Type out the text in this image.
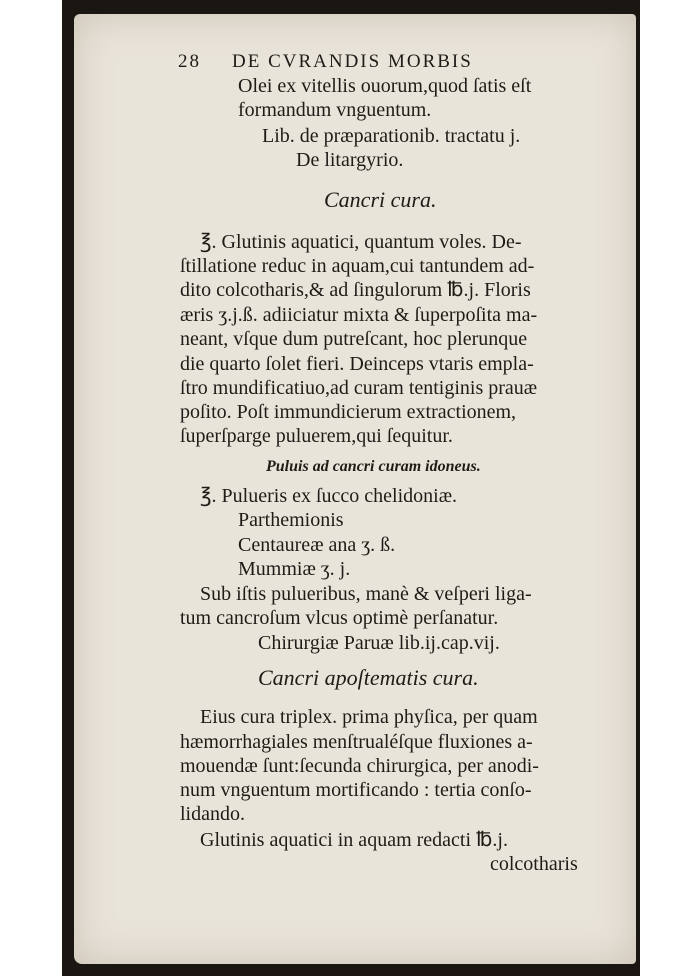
28 DE CVRANDIS MORBIS
Olei ex vitellis ouorum,quod ſatis eſt
formandum vnguentum.
Lib. de præparationib. tractatu j.
De litargyrio.
Cancri cura.
℥. Glutinis aquatici, quantum voles. De-
ſtillatione reduc in aquam,cui tantundem ad-
dito colcotharis,& ad ſingulorum ℔.j. Floris
æris ʒ.j.ß. adiiciatur mixta & ſuperpoſita ma-
neant, vſque dum putreſcant, hoc plerunque
die quarto ſolet fieri. Deinceps vtaris empla-
ſtro mundificatiuo,ad curam tentiginis prauæ
poſito. Poſt immundicierum extractionem,
ſuperſparge puluerem,qui ſequitur.
Puluis ad cancri curam idoneus.
℥. Pulueris ex ſucco chelidoniæ.
Parthemionis
Centaureæ ana ʒ. ß.
Mummiæ ʒ. j.
Sub iſtis pulueribus, manè & veſperi liga-
tum cancroſum vlcus optimè perſanatur.
Chirurgiæ Paruæ lib.ij.cap.vij.
Cancri apoſtematis cura.
Eius cura triplex. prima phyſica, per quam
hæmorrhagiales menſtrualéſque fluxiones a-
mouendæ ſunt:ſecunda chirurgica, per anodi-
num vnguentum mortificando : tertia conſo-
lidando.
Glutinis aquatici in aquam redacti ℔.j.
colcotharis
